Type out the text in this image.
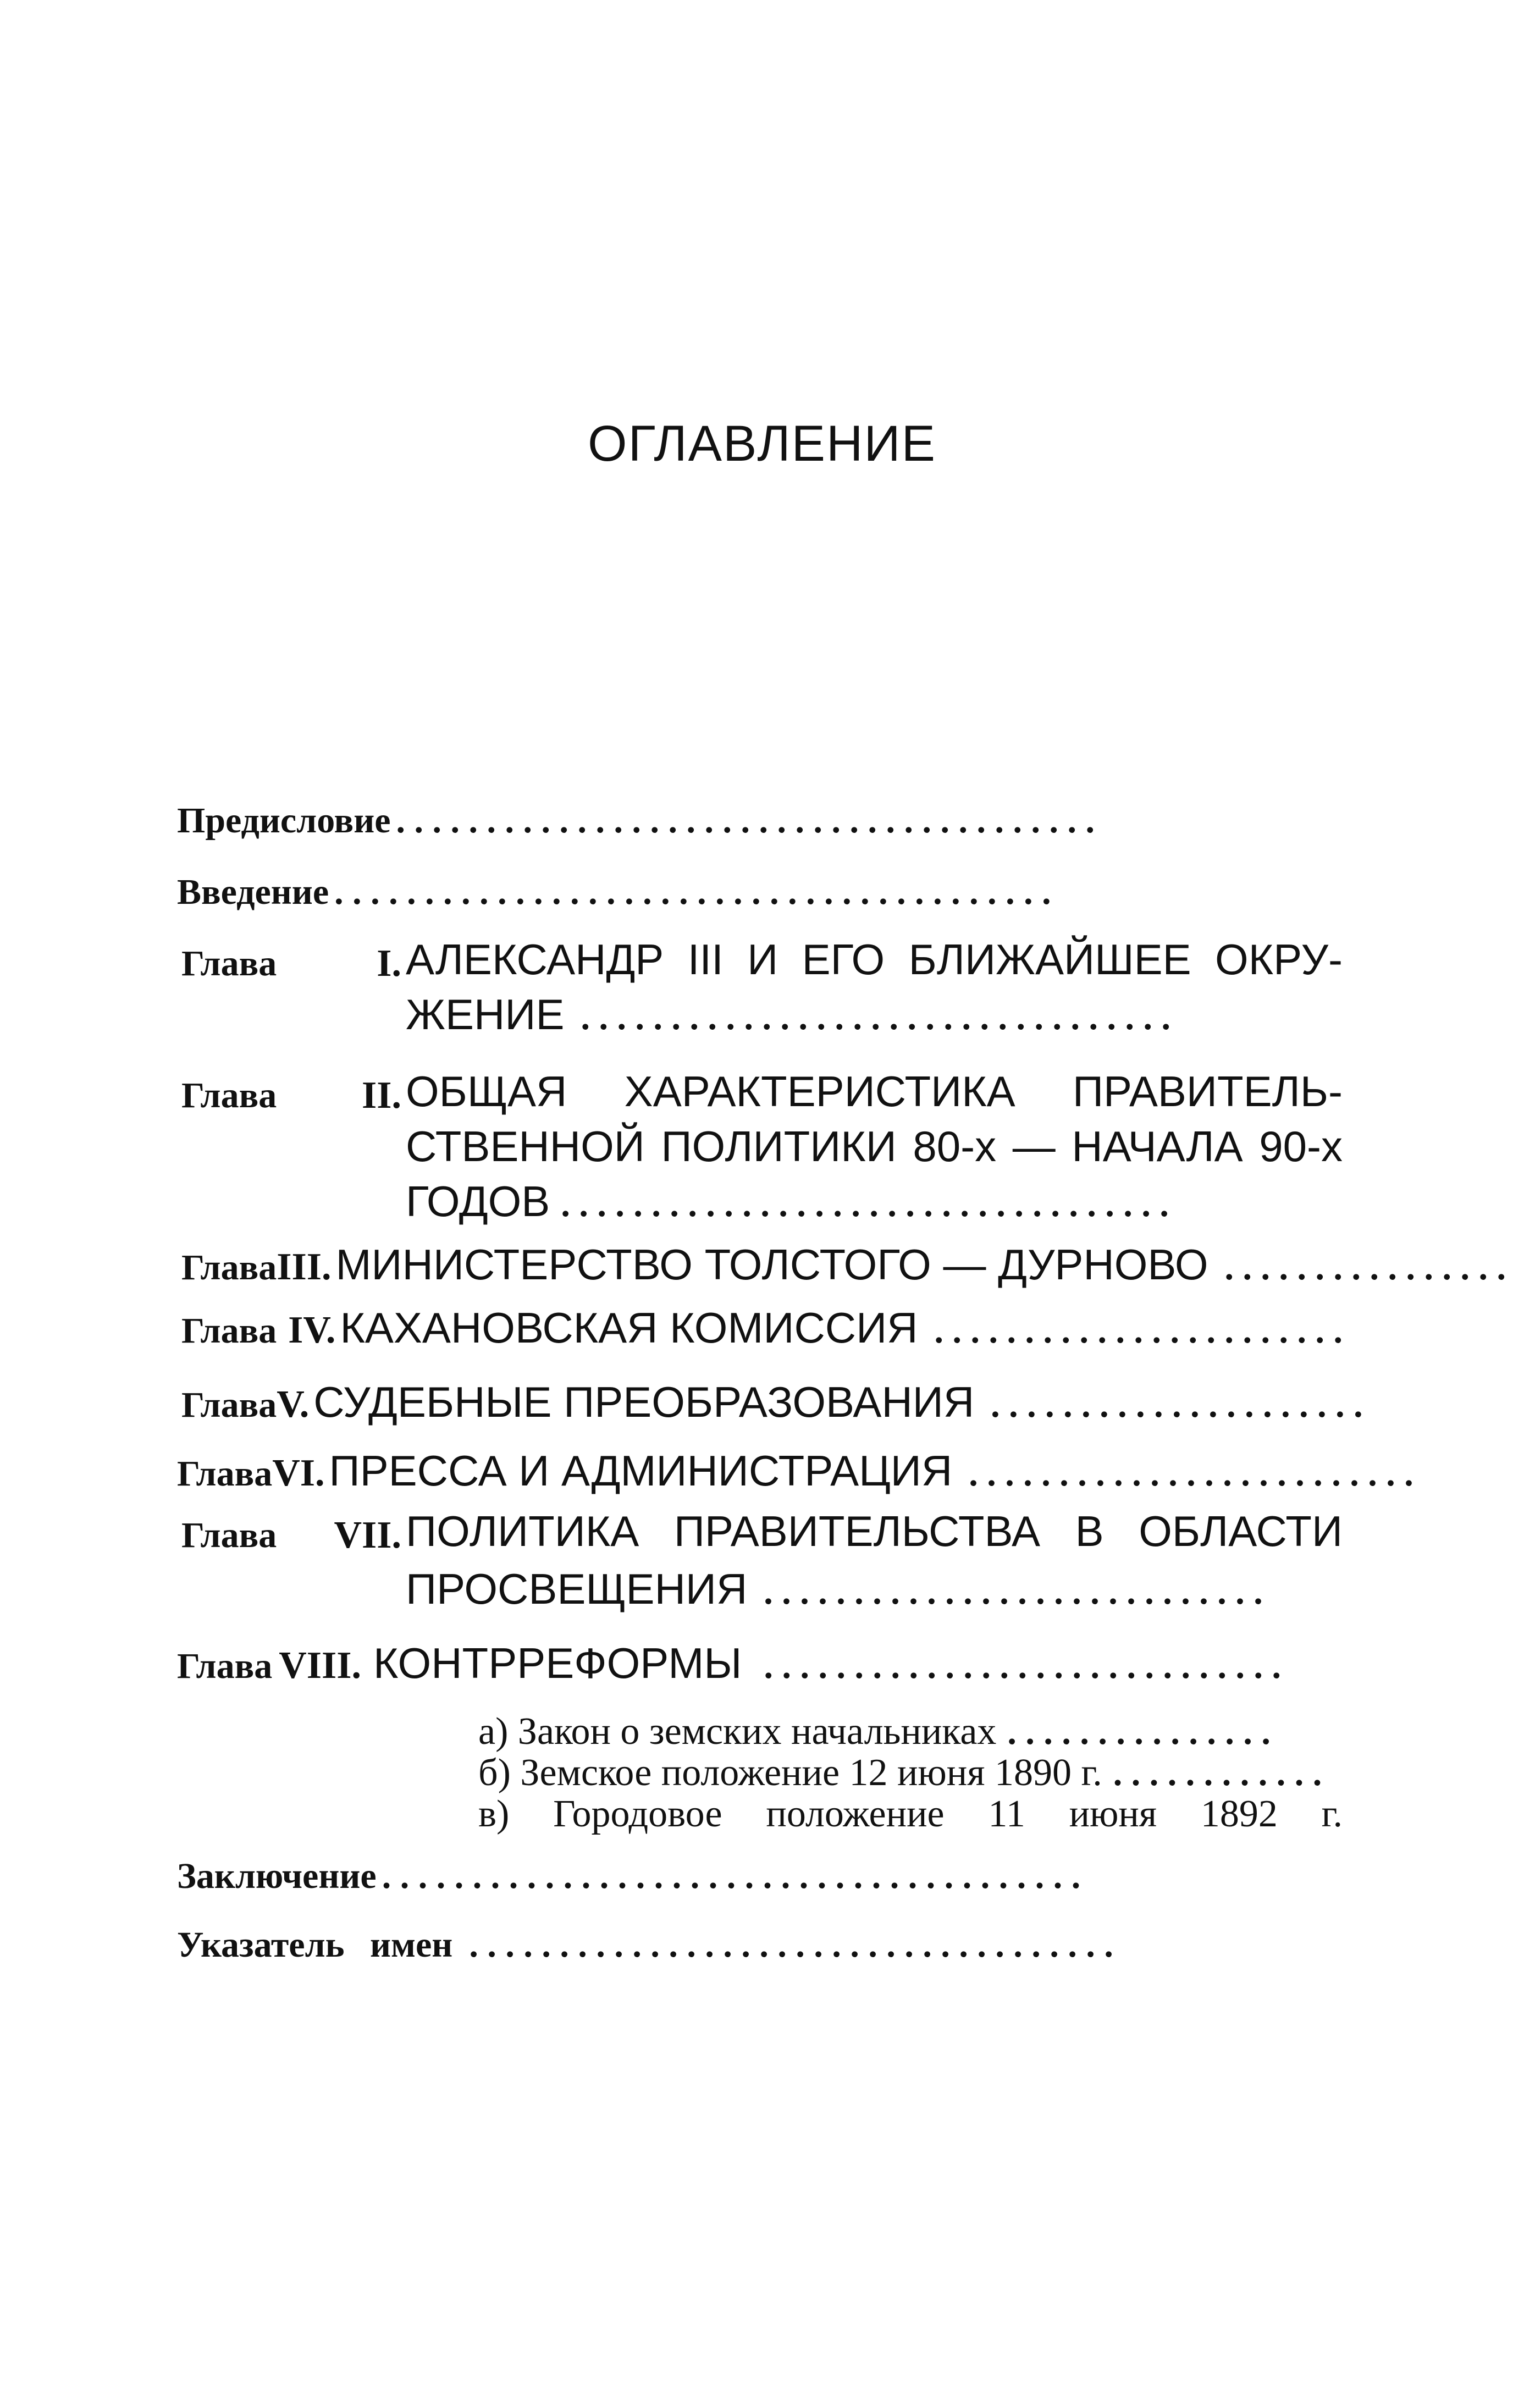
ОГЛАВЛЕНИЕ
Предисловие . . . . . . . . . . . . . . . . . . . . . . . . . . . . . . . . . . . . . . .
Введение . . . . . . . . . . . . . . . . . . . . . . . . . . . . . . . . . . . . . . . .
Глава	I. АЛЕКСАНДР III И ЕГО БЛИЖАЙШЕЕ ОКРУ-
ЖЕНИЕ . . . . . . . . . . . . . . . . . . . . . . . . . . . . . . . . .
Глава	II. ОБЩАЯ ХАРАКТЕРИСТИКА ПРАВИТЕЛЬ-
СТВЕННОЙ ПОЛИТИКИ 80-х — НАЧАЛА 90-х
ГОДОВ . . . . . . . . . . . . . . . . . . . . . . . . . . . . . . . . . .
Глава III. МИНИСТЕРСТВО ТОЛСТОГО — ДУРНОВО . . . . . . . . . . . . . . . .
Глава IV. КАХАНОВСКАЯ КОМИССИЯ . . . . . . . . . . . . . . . . . . . . . . .
Глава V. СУДЕБНЫЕ ПРЕОБРАЗОВАНИЯ . . . . . . . . . . . . . . . . . . . . .
Глава VI. ПРЕССА И АДМИНИСТРАЦИЯ . . . . . . . . . . . . . . . . . . . . . . . . .
Глава	VII. ПОЛИТИКА ПРАВИТЕЛЬСТВА В ОБЛАСТИ
ПРОСВЕЩЕНИЯ . . . . . . . . . . . . . . . . . . . . . . . . . . . .
Глава VIII. КОНТРРЕФОРМЫ . . . . . . . . . . . . . . . . . . . . . . . . . . . . .
а) Закон о земских начальниках . . . . . . . . . . . . . . .
б) Земское положение 12 июня 1890 г. . . . . . . . . . . . .
в) Городовое положение 11 июня 1892 г.
Заключение . . . . . . . . . . . . . . . . . . . . . . . . . . . . . . . . . . . . . . .
Указатель имен . . . . . . . . . . . . . . . . . . . . . . . . . . . . . . . . . . . .
